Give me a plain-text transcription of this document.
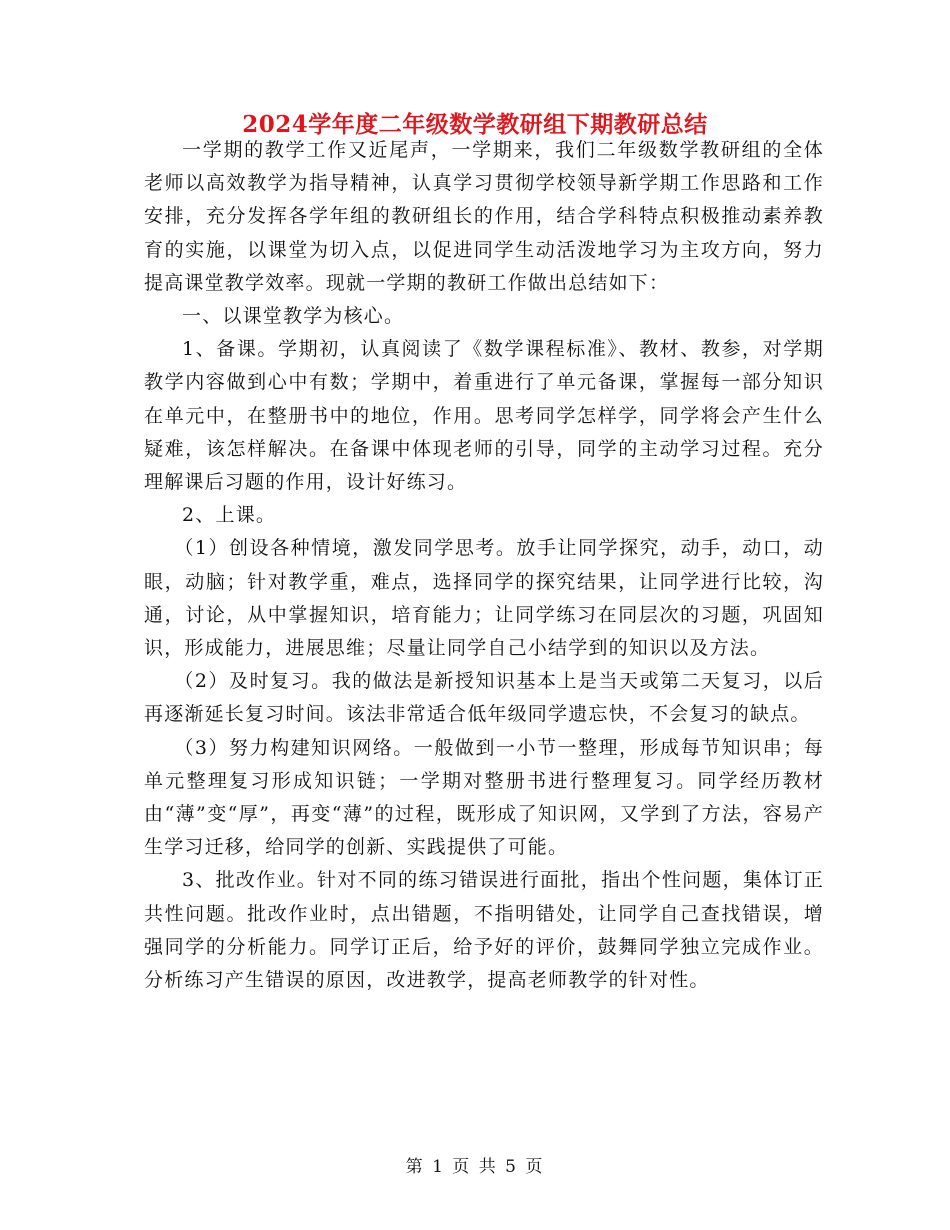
2024学年度二年级数学教研组下期教研总结

一学期的教学工作又近尾声，一学期来，我们二年级数学教研组的全体老师以高效教学为指导精神，认真学习贯彻学校领导新学期工作思路和工作安排，充分发挥各学年组的教研组长的作用，结合学科特点积极推动素养教育的实施，以课堂为切入点，以促进同学生动活泼地学习为主攻方向，努力提高课堂教学效率。现就一学期的教研工作做出总结如下：

一、以课堂教学为核心。

1、备课。学期初，认真阅读了《数学课程标准》、教材、教参，对学期教学内容做到心中有数；学期中，着重进行了单元备课，掌握每一部分知识在单元中，在整册书中的地位，作用。思考同学怎样学，同学将会产生什么疑难，该怎样解决。在备课中体现老师的引导，同学的主动学习过程。充分理解课后习题的作用，设计好练习。

2、上课。

（1）创设各种情境，激发同学思考。放手让同学探究，动手，动口，动眼，动脑；针对教学重，难点，选择同学的探究结果，让同学进行比较，沟通，讨论，从中掌握知识，培育能力；让同学练习在同层次的习题，巩固知识，形成能力，进展思维；尽量让同学自己小结学到的知识以及方法。

（2）及时复习。我的做法是新授知识基本上是当天或第二天复习，以后再逐渐延长复习时间。该法非常适合低年级同学遗忘快，不会复习的缺点。

（3）努力构建知识网络。一般做到一小节一整理，形成每节知识串；每单元整理复习形成知识链；一学期对整册书进行整理复习。同学经历教材由“薄”变“厚”，再变“薄”的过程，既形成了知识网，又学到了方法，容易产生学习迁移，给同学的创新、实践提供了可能。

3、批改作业。针对不同的练习错误进行面批，指出个性问题，集体订正共性问题。批改作业时，点出错题，不指明错处，让同学自己查找错误，增强同学的分析能力。同学订正后，给予好的评价，鼓舞同学独立完成作业。分析练习产生错误的原因，改进教学，提高老师教学的针对性。

第 1 页 共 5 页
